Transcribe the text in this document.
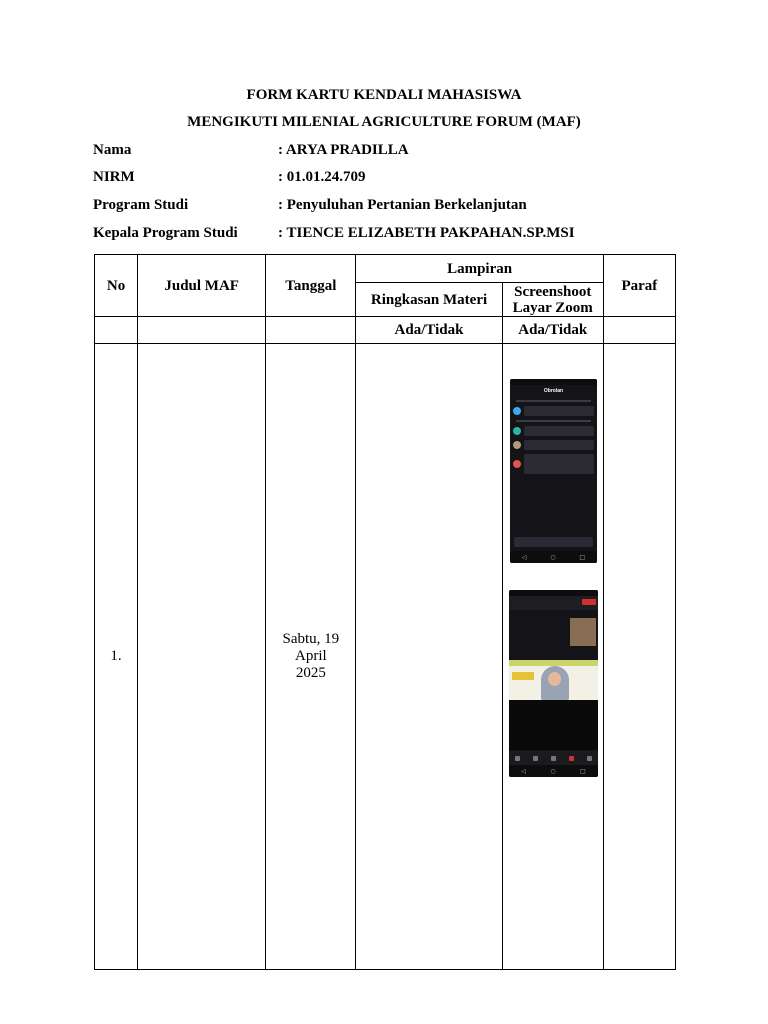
FORM KARTU KENDALI MAHASISWA
MENGIKUTI MILENIAL AGRICULTURE FORUM (MAF)
Nama	: ARYA PRADILLA
NIRM	: 01.01.24.709
Program Studi	: Penyuluhan Pertanian Berkelanjutan
Kepala Program Studi	: TIENCE ELIZABETH PAKPAHAN.SP.MSI
No	Judul MAF	Tanggal	Lampiran		Paraf
			Ringkasan Materi	Screenshoot Layar Zoom	
			Ada/Tidak	Ada/Tidak	
1.		Sabtu, 19
April
2025			

Obrolan
◁	○	□
◁	○	□
